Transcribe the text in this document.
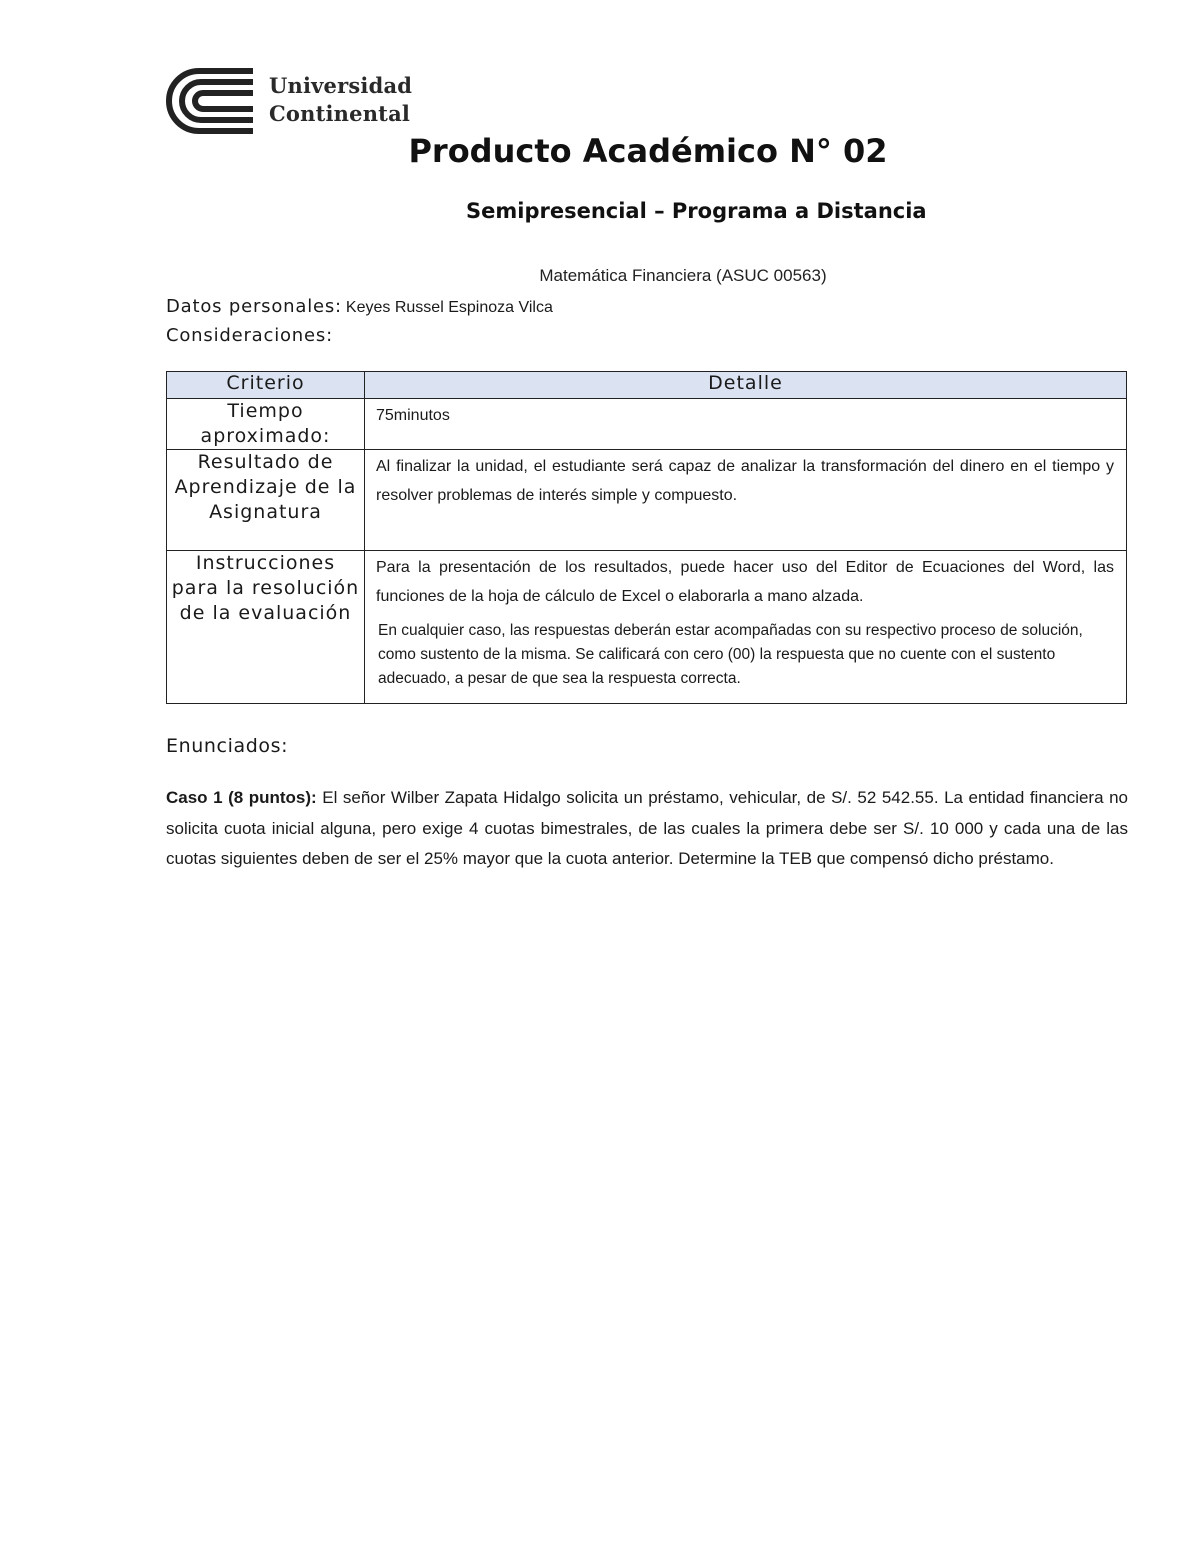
Universidad
Continental
Producto Académico N° 02
Semipresencial – Programa a Distancia
Matemática Financiera (ASUC 00563)
Datos personales: Keyes Russel Espinoza Vilca
Consideraciones:
Criterio	Detalle
Tiempo aproximado:	75minutos
Resultado de Aprendizaje de la Asignatura	Al finalizar la unidad, el estudiante será capaz de analizar la transformación del dinero en el tiempo y resolver problemas de interés simple y compuesto.
Instrucciones para la resolución de la evaluación	Para la presentación de los resultados, puede hacer uso del Editor de Ecuaciones del Word, las funciones de la hoja de cálculo de Excel o elaborarla a mano alzada.
En cualquier caso, las respuestas deberán estar acompañadas con su respectivo proceso de solución, como sustento de la misma. Se calificará con cero (00) la respuesta que no cuente con el sustento adecuado, a pesar de que sea la respuesta correcta.
Enunciados:
Caso 1 (8 puntos): El señor Wilber Zapata Hidalgo solicita un préstamo, vehicular, de S/. 52 542.55. La entidad financiera no solicita cuota inicial alguna, pero exige 4 cuotas bimestrales, de las cuales la primera debe ser S/. 10 000 y cada una de las cuotas siguientes deben de ser el 25% mayor que la cuota anterior. Determine la TEB que compensó dicho préstamo.
